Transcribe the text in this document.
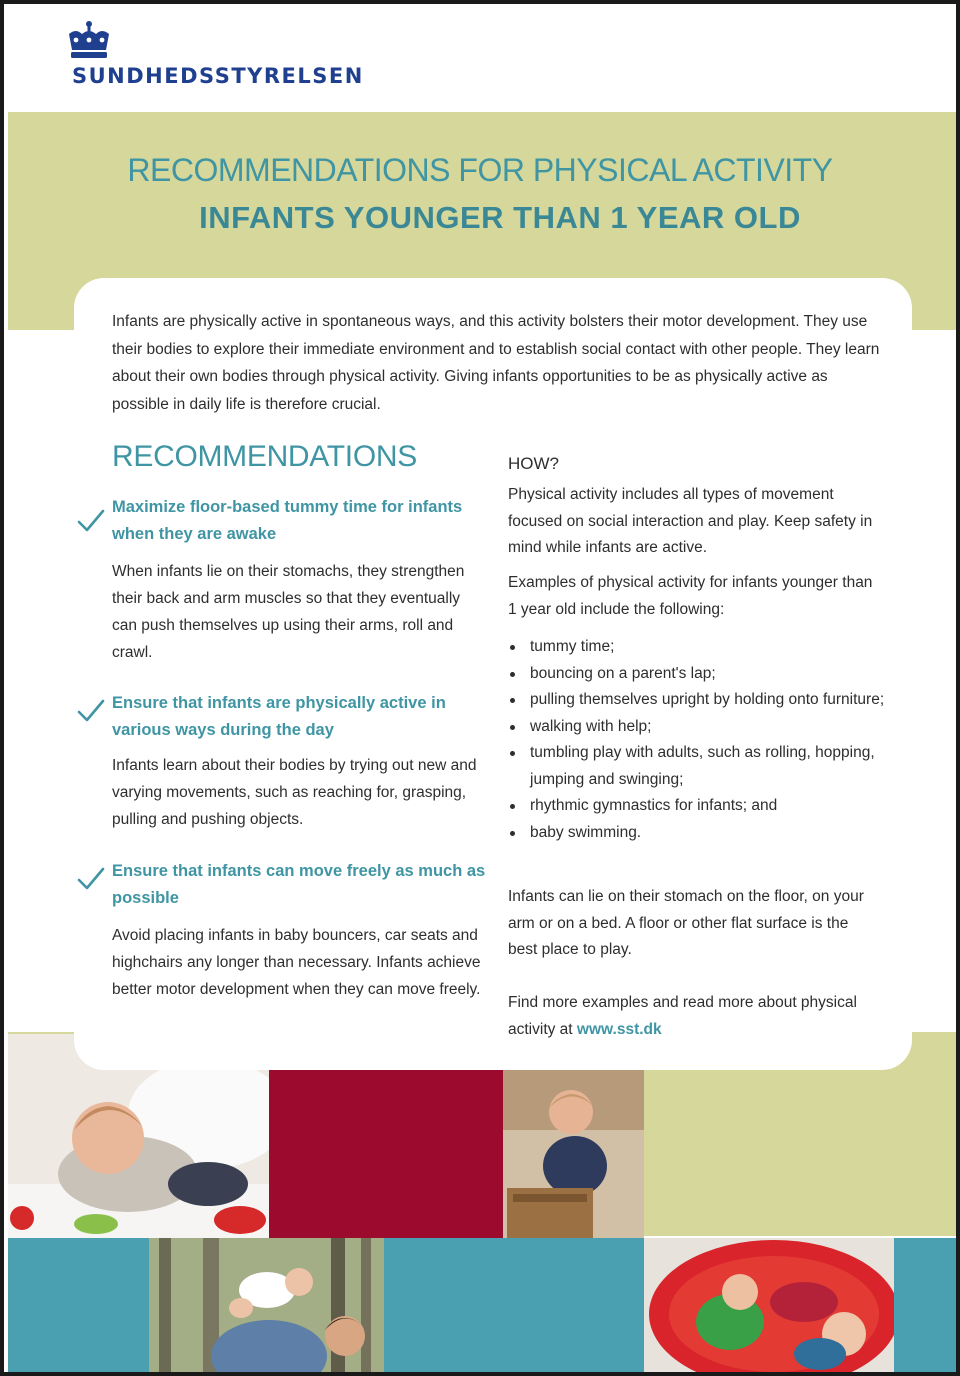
SUNDHEDSSTYRELSEN
RECOMMENDATIONS FOR PHYSICAL ACTIVITY
INFANTS YOUNGER THAN 1 YEAR OLD

Infants are physically active in spontaneous ways, and this activity bolsters their motor development. They use their bodies to explore their immediate environment and to establish social contact with other people. They learn about their own bodies through physical activity. Giving infants opportunities to be as physically active as possible in daily life is therefore crucial.

RECOMMENDATIONS
Maximize floor-based tummy time for infants when they are awake
When infants lie on their stomachs, they strengthen their back and arm muscles so that they eventually can push themselves up using their arms, roll and crawl.
Ensure that infants are physically active in various ways during the day
Infants learn about their bodies by trying out new and varying movements, such as reaching for, grasping, pulling and pushing objects.
Ensure that infants can move freely as much as possible
Avoid placing infants in baby bouncers, car seats and highchairs any longer than necessary. Infants achieve better motor development when they can move freely.
HOW?

Physical activity includes all types of movement focused on social interaction and play. Keep safety in mind while infants are active.

Examples of physical activity for infants younger than 1 year old include the following:

tummy time;
bouncing on a parent's lap;
pulling themselves upright by holding onto furniture;
walking with help;
tumbling play with adults, such as rolling, hopping, jumping and swinging;
rhythmic gymnastics for infants; and
baby swimming.

Infants can lie on their stomach on the floor, on your arm or on a bed. A floor or other flat surface is the best place to play.

Find more examples and read more about physical activity at www.sst.dk
